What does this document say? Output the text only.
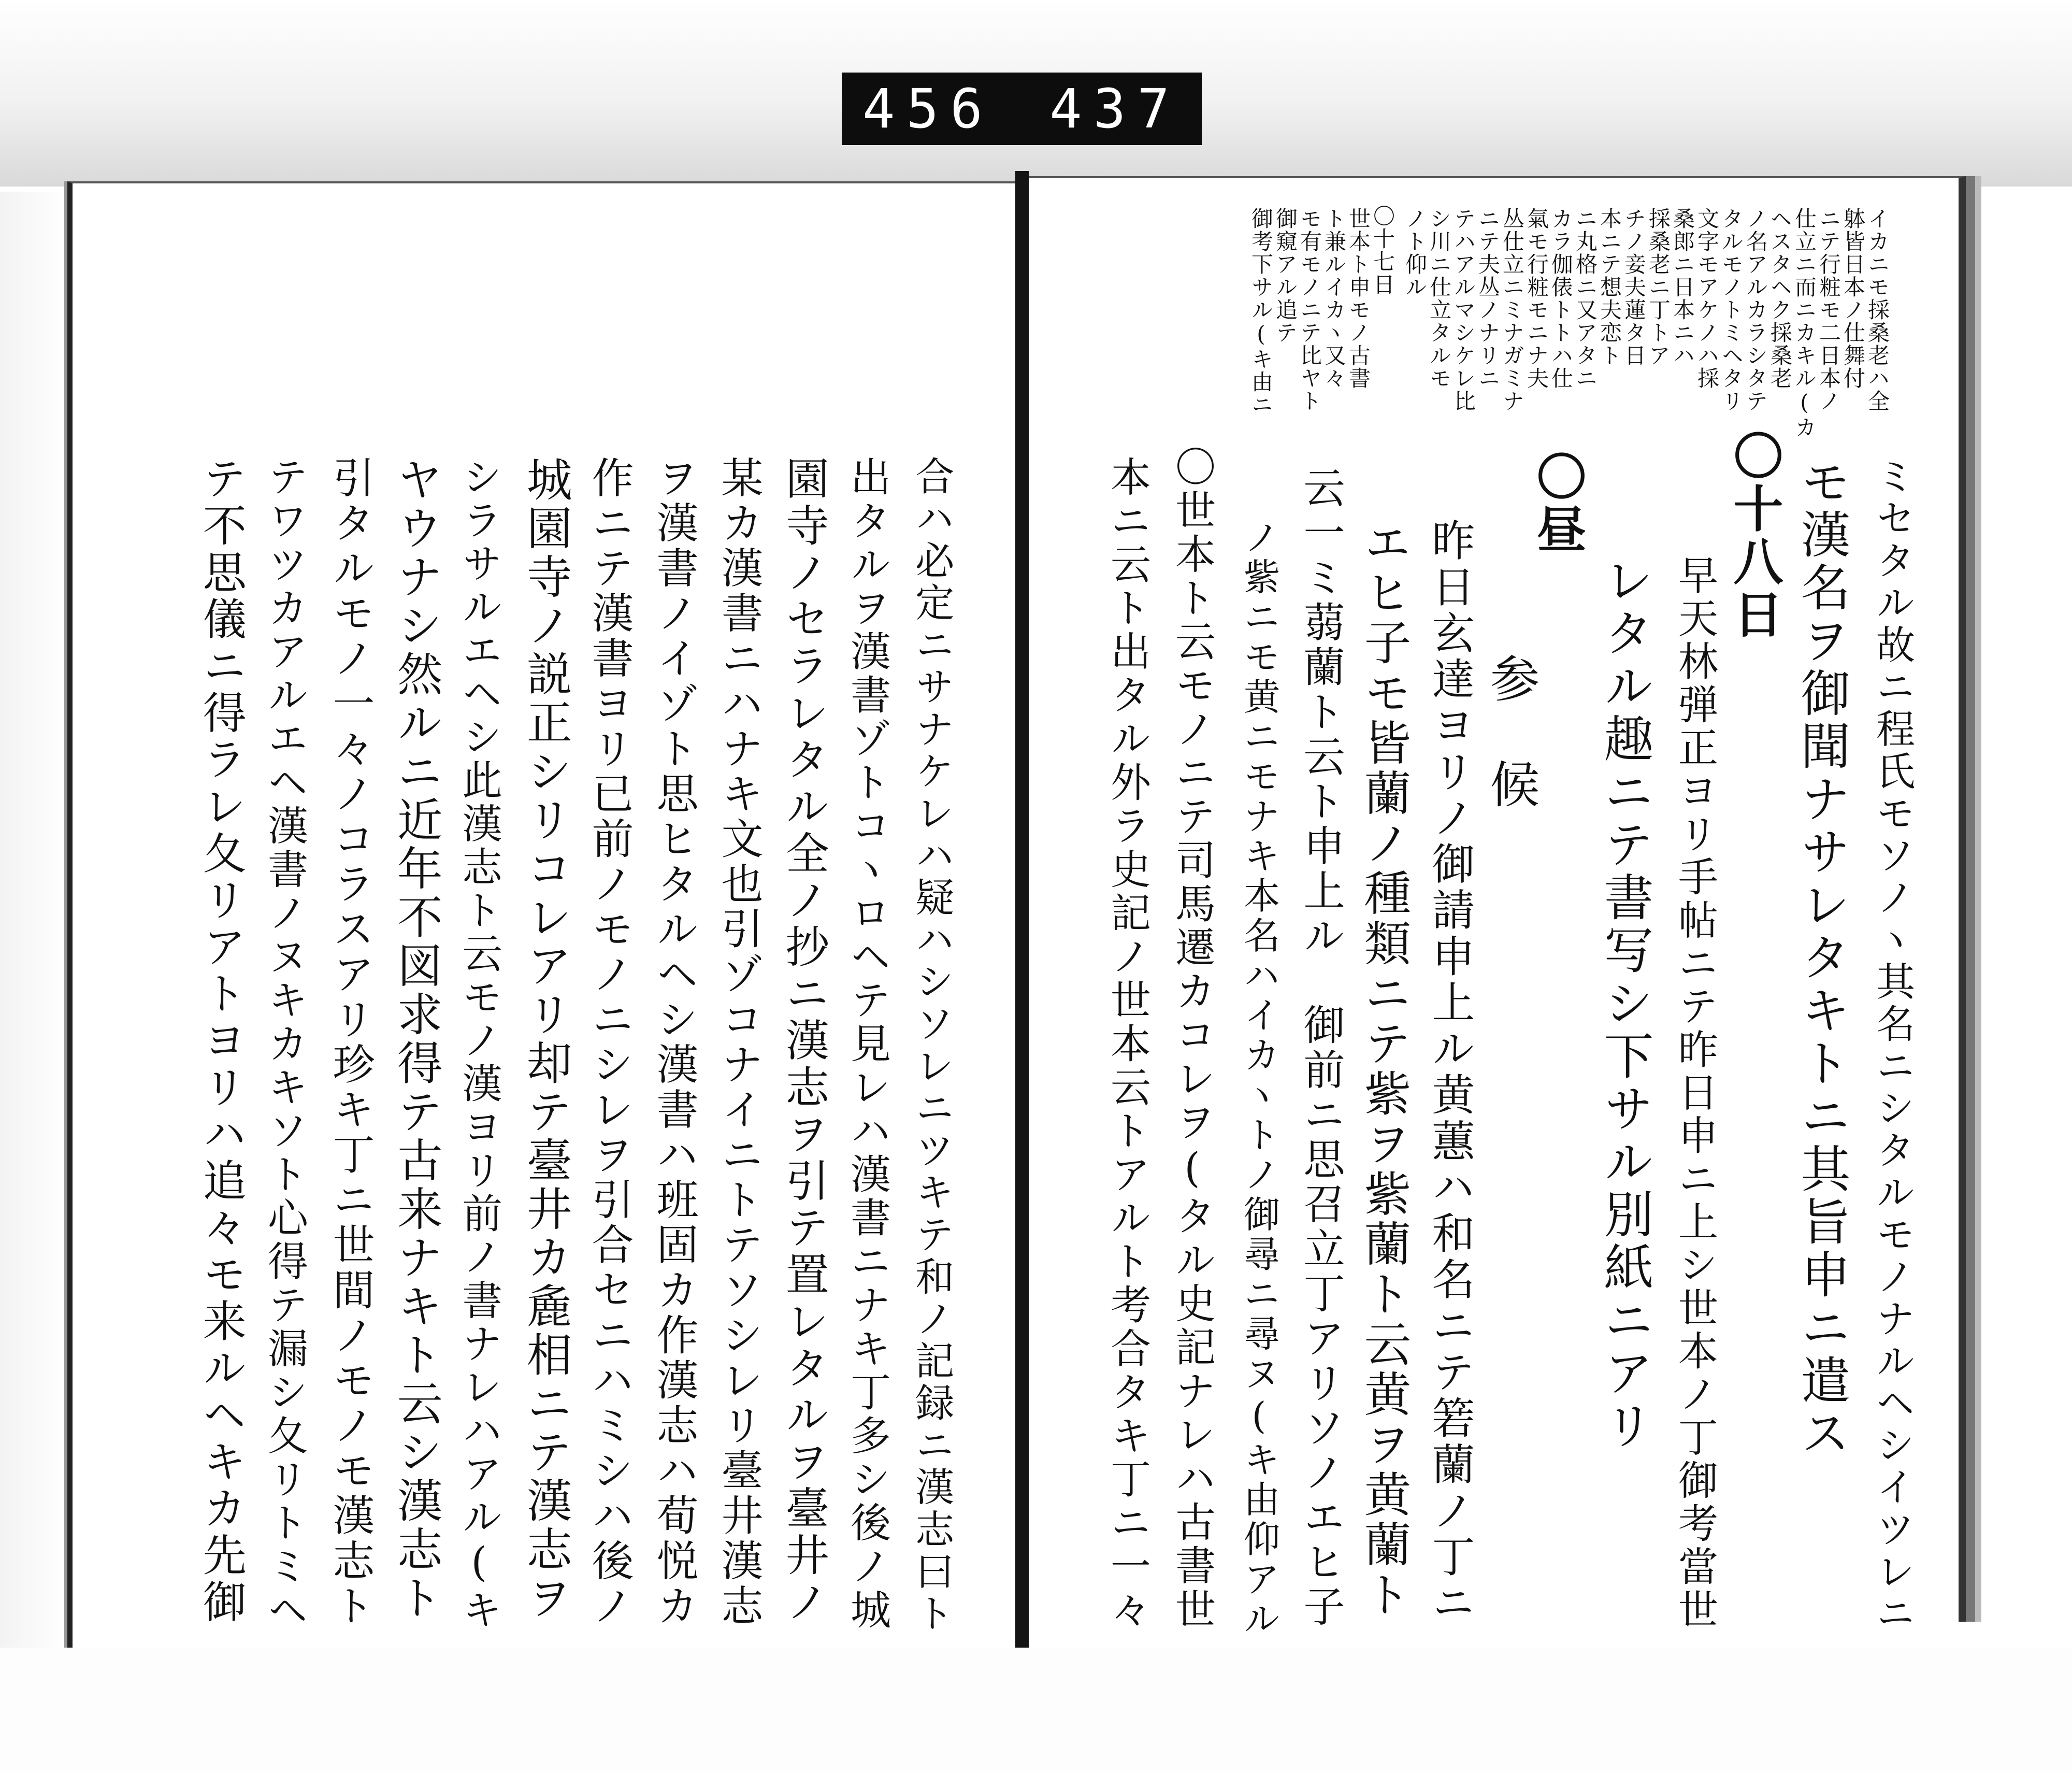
456 437
イカニモ採桑老ハ全
躰皆日本ノ仕舞付
ニテ行粧モ二日本ノ
仕立ニ而ニカキル(カ
ヘスタヘク採桑老
ノ名アルカラシタテ
タルモノトミヘタリ
文字モアケノハ採
桑郎ニ日本ニハ
採桑老ニ丁トア
チノ妾夫蓮タ日
本ニテ想夫恋ト
ニ丸格ニ又アタニ
カラ伽俵トトハ仕
氣モ行粧モニナ夫
丛仕立ニミナガミナ
ニテ夫丛ノナリニ
テハアルマシケレ比
シ川ニ仕立タルモ
ノト仰ル
〇十七日
世本ト申モノ古書
ト兼ルイカヽ又々
モ有モノニテ比ヤト
御窺アル追テ
御考下サル(キ由ニ
ミセタル故ニ程氏モソノヽ其名ニシタルモノナルヘシイツレニ
モ漢名ヲ御聞ナサレタキトニ其旨申ニ遣ス
〇十八日
早天林弾正ヨリ手帖ニテ昨日申ニ上シ世本ノ丁御考當世
レタル趣ニテ書写シ下サル別紙ニアリ
〇昼
参　候
昨日玄達ヨリノ御請申上ル黄蕙ハ和名ニテ箬蘭ノ丁ニ
エヒ子モ皆蘭ノ種類ニテ紫ヲ紫蘭ト云黄ヲ黄蘭ト
云一ミ蒻蘭ト云ト申上ル　御前ニ思召立丁アリソノエヒ子
ノ紫ニモ黄ニモナキ本名ハイカヽトノ御尋ニ尋ヌ(キ由仰アル
〇世本ト云モノニテ司馬遷カコレヲ(タル史記ナレハ古書世
本ニ云ト出タル外ラ史記ノ世本云トアルト考合タキ丁ニ一々
合ハ必定ニサナケレハ疑ハシソレニツキテ和ノ記録ニ漢志曰ト
出タルヲ漢書ゾトコヽロヘテ見レハ漢書ニナキ丁多シ後ノ城
園寺ノセラレタル全ノ抄ニ漢志ヲ引テ置レタルヲ臺井ノ
某カ漢書ニハナキ文也引ゾコナイニトテソシレリ臺井漢志
ヲ漢書ノイゾト思ヒタルヘシ漢書ハ班固カ作漢志ハ荀悦カ
作ニテ漢書ヨリ已前ノモノニシレヲ引合セニハミシハ後ノ
城園寺ノ説正シリコレアリ却テ臺井カ麁相ニテ漢志ヲ
シラサルエヘシ此漢志ト云モノ漢ヨリ前ノ書ナレハアル(キ
ヤウナシ然ルニ近年不図求得テ古来ナキト云シ漢志ト
引タルモノ一々ノコラスアリ珍キ丁ニ世間ノモノモ漢志ト
テワツカアルエヘ漢書ノヌキカキソト心得テ漏シ夂リトミヘ
テ不思儀ニ得ラレ夂リアトヨリハ追々モ来ルヘキカ先御
